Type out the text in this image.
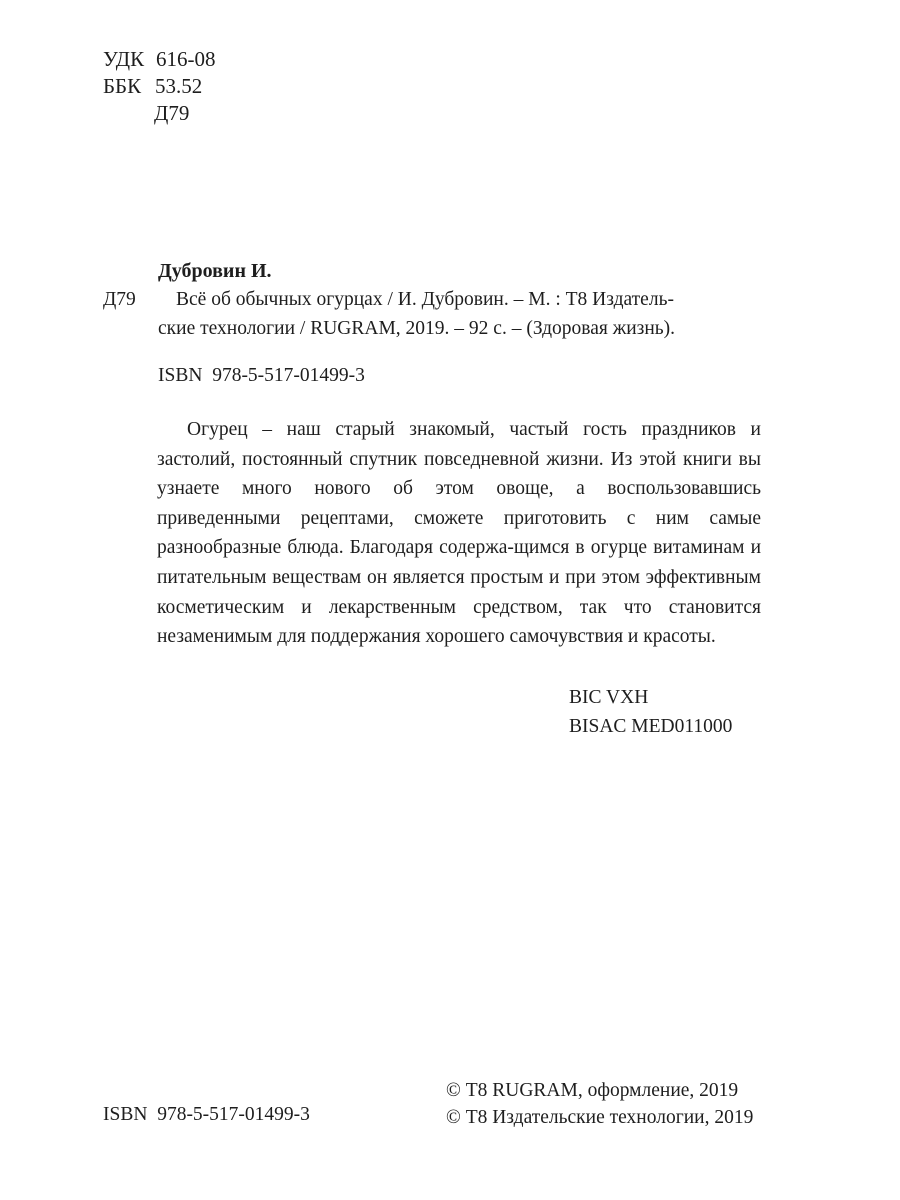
УДК 616-08
ББК 53.52
Д79
Дубровин И.
Д79 Всё об обычных огурцах / И. Дубровин. – М. : Т8 Издатель-
ские технологии / RUGRAM, 2019. – 92 с. – (Здоровая жизнь).
ISBN 978-5-517-01499-3

Огурец – наш старый знакомый, частый гость праздников и застолий, постоянный спутник повседневной жизни. Из этой книги вы узнаете много нового об этом овоще, а воспользовавшись приведенными рецептами, сможете приготовить с ним самые разнообразные блюда. Благодаря содержа-щимся в огурце витаминам и питательным веществам он является простым и при этом эффективным косметическим и лекарственным средством, так что становится незаменимым для поддержания хорошего самочувствия и красоты.

BIC VXH
BISAC MED011000
ISBN 978-5-517-01499-3
© Т8 RUGRAM, оформление, 2019
© Т8 Издательские технологии, 2019
